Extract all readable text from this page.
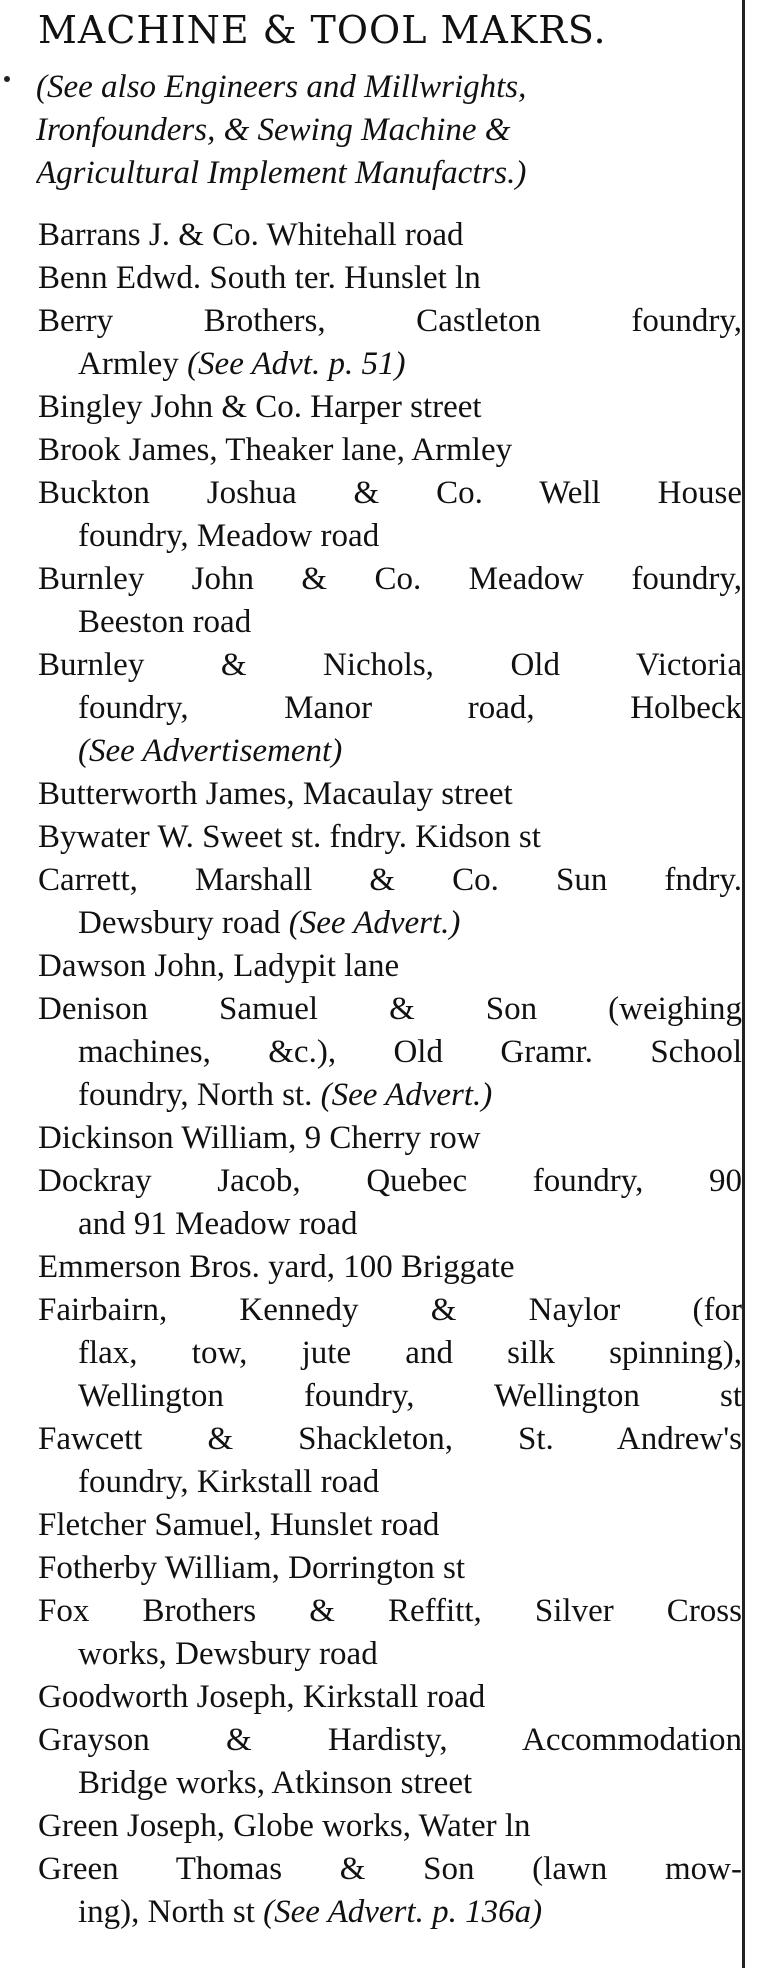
MACHINE & TOOL MAKRS.
(See also Engineers and Millwrights,
Ironfounders, & Sewing Machine &
Agricultural Implement Manufactrs.)
Barrans J. & Co. Whitehall road
Benn Edwd. South ter. Hunslet ln
Berry Brothers, Castleton foundry,
Armley (See Advt. p. 51)
Bingley John & Co. Harper street
Brook James, Theaker lane, Armley
Buckton Joshua & Co. Well House
foundry, Meadow road
Burnley John & Co. Meadow foundry,
Beeston road
Burnley & Nichols, Old Victoria
foundry, Manor road, Holbeck
(See Advertisement)
Butterworth James, Macaulay street
Bywater W. Sweet st. fndry. Kidson st
Carrett, Marshall & Co. Sun fndry.
Dewsbury road (See Advert.)
Dawson John, Ladypit lane
Denison Samuel & Son (weighing
machines, &c.), Old Gramr. School
foundry, North st. (See Advert.)
Dickinson William, 9 Cherry row
Dockray Jacob, Quebec foundry, 90
and 91 Meadow road
Emmerson Bros. yard, 100 Briggate
Fairbairn, Kennedy & Naylor (for
flax, tow, jute and silk spinning),
Wellington foundry, Wellington st
Fawcett & Shackleton, St. Andrew's
foundry, Kirkstall road
Fletcher Samuel, Hunslet road
Fotherby William, Dorrington st
Fox Brothers & Reffitt, Silver Cross
works, Dewsbury road
Goodworth Joseph, Kirkstall road
Grayson & Hardisty, Accommodation
Bridge works, Atkinson street
Green Joseph, Globe works, Water ln
Green Thomas & Son (lawn mow-
ing), North st (See Advert. p. 136a)
